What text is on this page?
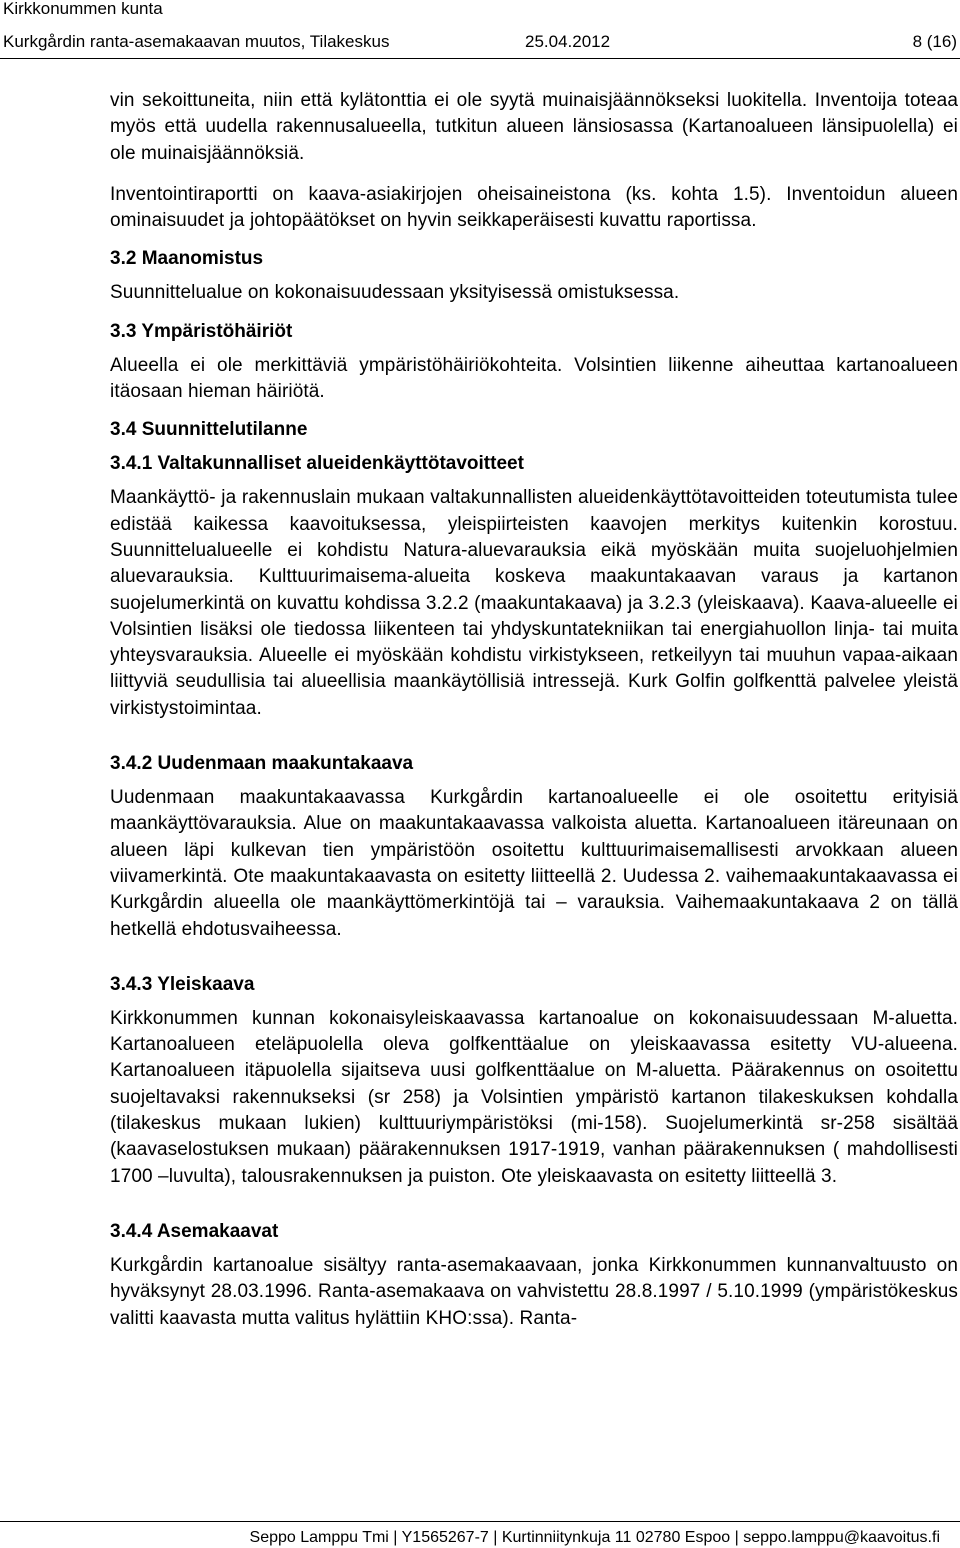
Kirkkonummen kunta
Kurkgårdin ranta-asemakaavan muutos, Tilakeskus	25.04.2012	8 (16)

vin sekoittuneita, niin että kylätonttia ei ole syytä muinaisjäännökseksi luokitella. Inventoija toteaa myös että uudella rakennusalueella, tutkitun alueen länsiosassa (Kartanoalueen länsipuolella) ei ole muinaisjäännöksiä.

Inventointiraportti on kaava-asiakirjojen oheisaineistona (ks. kohta 1.5). Inventoidun alueen ominaisuudet ja johtopäätökset on hyvin seikkaperäisesti kuvattu raportissa.

3.2 Maanomistus

Suunnittelualue on kokonaisuudessaan yksityisessä omistuksessa.

3.3 Ympäristöhäiriöt

Alueella ei ole merkittäviä ympäristöhäiriökohteita. Volsintien liikenne aiheuttaa kartanoalueen itäosaan hieman häiriötä.

3.4 Suunnittelutilanne
3.4.1 Valtakunnalliset alueidenkäyttötavoitteet

Maankäyttö- ja rakennuslain mukaan valtakunnallisten alueidenkäyttötavoitteiden toteutumista tulee edistää kaikessa kaavoituksessa, yleispiirteisten kaavojen merkitys kuitenkin korostuu. Suunnittelualueelle ei kohdistu Natura-aluevarauksia eikä myöskään muita suojeluohjelmien aluevarauksia. Kulttuurimaisema-alueita koskeva maakuntakaavan varaus ja kartanon suojelumerkintä on kuvattu kohdissa 3.2.2 (maakuntakaava) ja 3.2.3 (yleiskaava). Kaava-alueelle ei Volsintien lisäksi ole tiedossa liikenteen tai yhdyskuntatekniikan tai energiahuollon linja- tai muita yhteysvarauksia. Alueelle ei myöskään kohdistu virkistykseen, retkeilyyn tai muuhun vapaa-aikaan liittyviä seudullisia tai alueellisia maankäytöllisiä intressejä. Kurk Golfin golfkenttä palvelee yleistä virkistystoimintaa.

3.4.2 Uudenmaan maakuntakaava

Uudenmaan maakuntakaavassa Kurkgårdin kartanoalueelle ei ole osoitettu erityisiä maankäyttövarauksia. Alue on maakuntakaavassa valkoista aluetta. Kartanoalueen itäreunaan on alueen läpi kulkevan tien ympäristöön osoitettu kulttuurimaisemallisesti arvokkaan alueen viivamerkintä. Ote maakuntakaavasta on esitetty liitteellä 2. Uudessa 2. vaihemaakuntakaavassa ei Kurkgårdin alueella ole maankäyttömerkintöjä tai – varauksia. Vaihemaakuntakaava 2 on tällä hetkellä ehdotusvaiheessa.

3.4.3 Yleiskaava

Kirkkonummen kunnan kokonaisyleiskaavassa kartanoalue on kokonaisuudessaan M-aluetta. Kartanoalueen eteläpuolella oleva golfkenttäalue on yleiskaavassa esitetty VU-alueena. Kartanoalueen itäpuolella sijaitseva uusi golfkenttäalue on M-aluetta. Päärakennus on osoitettu suojeltavaksi rakennukseksi (sr 258) ja Volsintien ympäristö kartanon tilakeskuksen kohdalla (tilakeskus mukaan lukien) kulttuuriympäristöksi (mi-158). Suojelumerkintä sr-258 sisältää (kaavaselostuksen mukaan) päärakennuksen 1917-1919, vanhan päärakennuksen ( mahdollisesti 1700 –luvulta), talousrakennuksen ja puiston. Ote yleiskaavasta on esitetty liitteellä 3.

3.4.4 Asemakaavat

Kurkgårdin kartanoalue sisältyy ranta-asemakaavaan, jonka Kirkkonummen kunnanvaltuusto on hyväksynyt 28.03.1996. Ranta-asemakaava on vahvistettu 28.8.1997 / 5.10.1999 (ympäristökeskus valitti kaavasta mutta valitus hylättiin KHO:ssa). Ranta-

Seppo Lamppu Tmi | Y1565267-7 | Kurtinniitynkuja 11 02780 Espoo | seppo.lamppu@kaavoitus.fi
